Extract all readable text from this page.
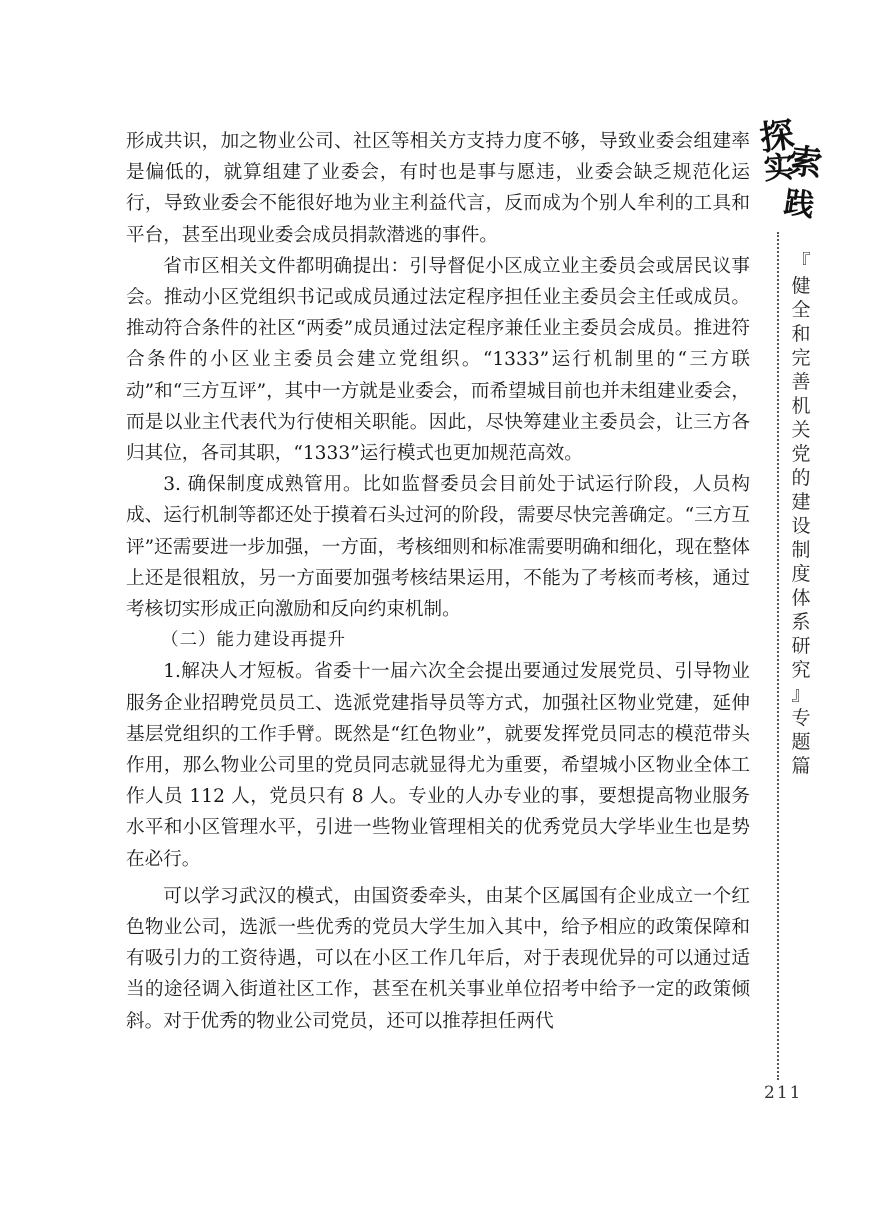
形成共识，加之物业公司、社区等相关方支持力度不够，导致业委会组建率是偏低的，就算组建了业委会，有时也是事与愿违，业委会缺乏规范化运行，导致业委会不能很好地为业主利益代言，反而成为个别人牟利的工具和平台，甚至出现业委会成员捐款潜逃的事件。

省市区相关文件都明确提出：引导督促小区成立业主委员会或居民议事会。推动小区党组织书记或成员通过法定程序担任业主委员会主任或成员。推动符合条件的社区“两委”成员通过法定程序兼任业主委员会成员。推进符合条件的小区业主委员会建立党组织。“1333”运行机制里的“三方联动”和“三方互评”，其中一方就是业委会，而希望城目前也并未组建业委会，而是以业主代表代为行使相关职能。因此，尽快筹建业主委员会，让三方各归其位，各司其职，“1333”运行模式也更加规范高效。

3. 确保制度成熟管用。比如监督委员会目前处于试运行阶段，人员构成、运行机制等都还处于摸着石头过河的阶段，需要尽快完善确定。“三方互评”还需要进一步加强，一方面，考核细则和标准需要明确和细化，现在整体上还是很粗放，另一方面要加强考核结果运用，不能为了考核而考核，通过考核切实形成正向激励和反向约束机制。

（二）能力建设再提升

1.解决人才短板。省委十一届六次全会提出要通过发展党员、引导物业服务企业招聘党员员工、选派党建指导员等方式，加强社区物业党建，延伸基层党组织的工作手臂。既然是“红色物业”，就要发挥党员同志的模范带头作用，那么物业公司里的党员同志就显得尤为重要，希望城小区物业全体工作人员 112 人，党员只有 8 人。专业的人办专业的事，要想提高物业服务水平和小区管理水平，引进一些物业管理相关的优秀党员大学毕业生也是势在必行。

可以学习武汉的模式，由国资委牵头，由某个区属国有企业成立一个红色物业公司，选派一些优秀的党员大学生加入其中，给予相应的政策保障和有吸引力的工资待遇，可以在小区工作几年后，对于表现优异的可以通过适当的途径调入街道社区工作，甚至在机关事业单位招考中给予一定的政策倾斜。对于优秀的物业公司党员，还可以推荐担任两代

探
索
实
践
『
健
全
和
完
善
机
关
党
的
建
设
制
度
体
系
研
究
』
专
题
篇
211
